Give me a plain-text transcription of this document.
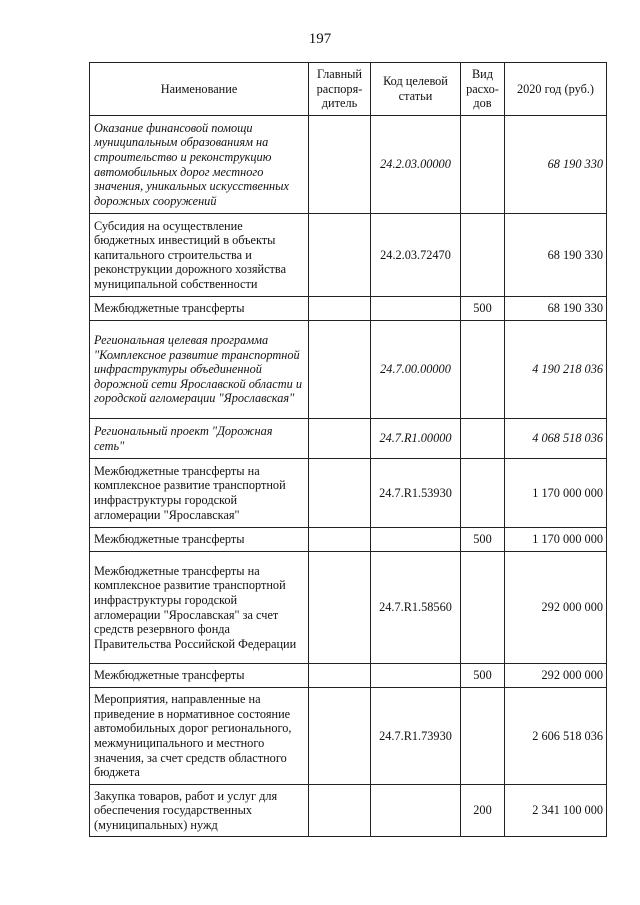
197
Наименование	Главный распоря- дитель	Код целевой статьи	Вид расхо- дов	2020 год (руб.)
Оказание финансовой помощи муниципальным образованиям на строительство и реконструкцию автомобильных дорог местного значения, уникальных искусственных дорожных сооружений		24.2.03.00000		68 190 330
Субсидия на осуществление бюджетных инвестиций в объекты капитального строительства и реконструкции дорожного хозяйства муниципальной собственности		24.2.03.72470		68 190 330
Межбюджетные трансферты			500	68 190 330
Региональная целевая программа "Комплексное развитие транспортной инфраструктуры объединенной дорожной сети Ярославской области и городской агломерации "Ярославская"		24.7.00.00000		4 190 218 036
Региональный проект "Дорожная сеть"		24.7.R1.00000		4 068 518 036
Межбюджетные трансферты на комплексное развитие транспортной инфраструктуры городской агломерации "Ярославская"		24.7.R1.53930		1 170 000 000
Межбюджетные трансферты			500	1 170 000 000
Межбюджетные трансферты на комплексное развитие транспортной инфраструктуры городской агломерации "Ярославская" за счет средств резервного фонда Правительства Российской Федерации		24.7.R1.58560		292 000 000
Межбюджетные трансферты			500	292 000 000
Мероприятия, направленные на приведение в нормативное состояние автомобильных дорог регионального, межмуниципального и местного значения, за счет средств областного бюджета		24.7.R1.73930		2 606 518 036
Закупка товаров, работ и услуг для обеспечения государственных (муниципальных) нужд			200	2 341 100 000
